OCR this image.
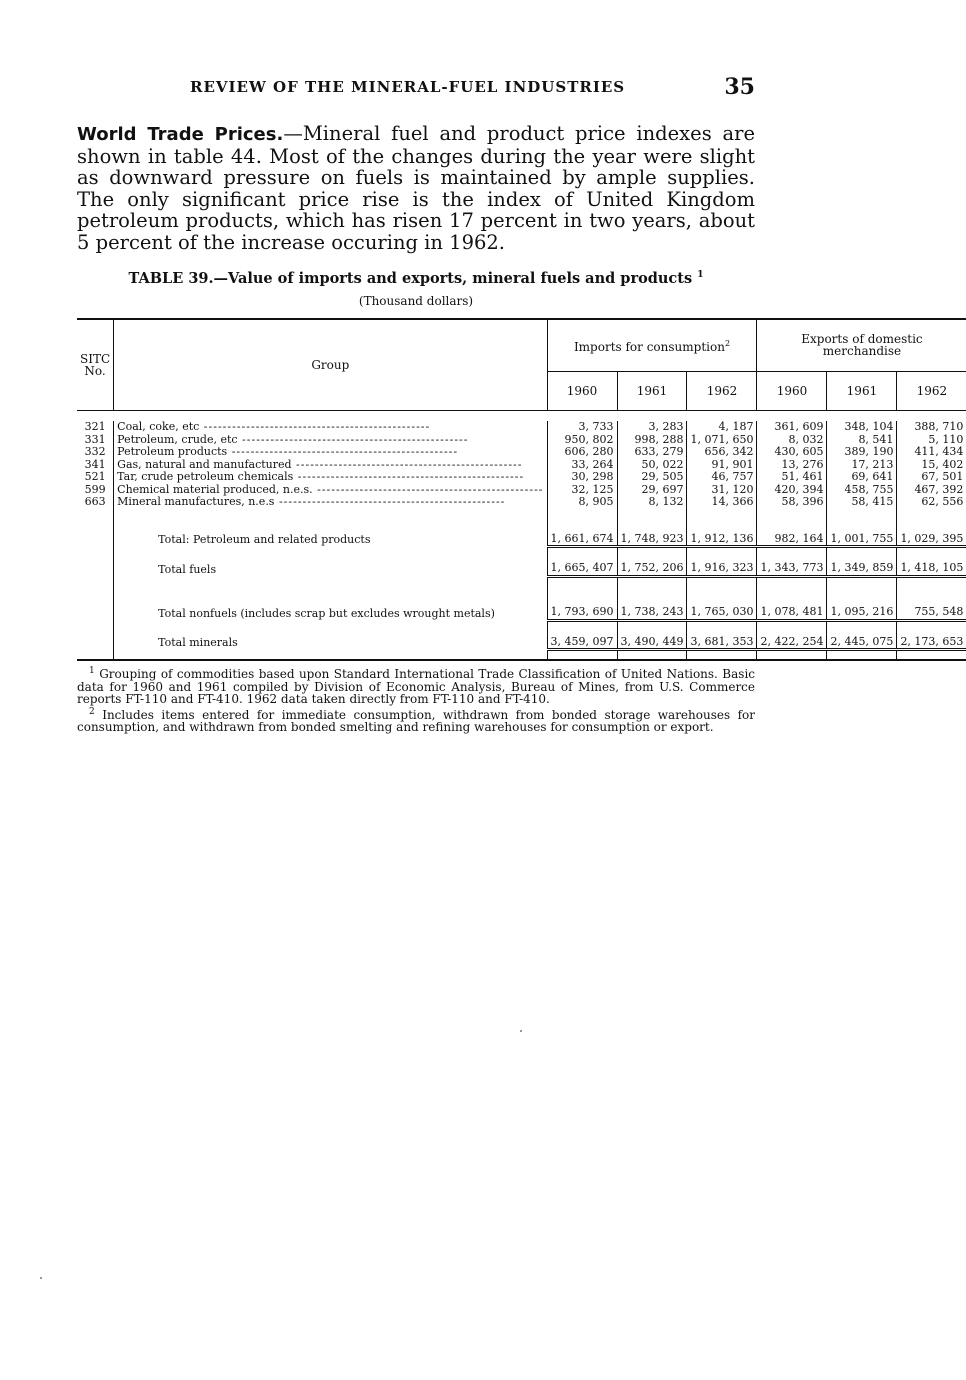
REVIEW OF THE MINERAL-FUEL INDUSTRIES	35
World Trade Prices.—Mineral fuel and product price indexes are shown in table 44. Most of the changes during the year were slight as downward pressure on fuels is maintained by ample supplies. The only significant price rise is the index of United Kingdom petroleum products, which has risen 17 percent in two years, about 5 percent of the increase occuring in 1962.
TABLE 39.—Value of imports and exports, mineral fuels and products $^1$
(Thousand dollars)
SITC No.	Group	Imports for consumption$^2$			Exports of domestic merchandise		
		1960	1961	1962	1960	1961	1962

321	Coal, coke, etc -----	3, 733	3, 283	4, 187	361, 609	348, 104	388, 710
331	Petroleum, crude, etc -----	950, 802	998, 288	1, 071, 650	8, 032	8, 541	5, 110
332	Petroleum products -----	606, 280	633, 279	656, 342	430, 605	389, 190	411, 434
341	Gas, natural and manufactured -----	33, 264	50, 022	91, 901	13, 276	17, 213	15, 402
521	Tar, crude petroleum chemicals -----	30, 298	29, 505	46, 757	51, 461	69, 641	67, 501
599	Chemical material produced, n.e.s. -----	32, 125	29, 697	31, 120	420, 394	458, 755	467, 392
663	Mineral manufactures, n.e.s -----	8, 905	8, 132	14, 366	58, 396	58, 415	62, 556

	Total: Petroleum and related products	1, 661, 674	1, 748, 923	1, 912, 136	982, 164	1, 001, 755	1, 029, 395

	Total fuels	1, 665, 407	1, 752, 206	1, 916, 323	1, 343, 773	1, 349, 859	1, 418, 105
	Total nonfuels (includes scrap but excludes wrought metals)	1, 793, 690	1, 738, 243	1, 765, 030	1, 078, 481	1, 095, 216	755, 548

	Total minerals	3, 459, 097	3, 490, 449	3, 681, 353	2, 422, 254	2, 445, 075	2, 173, 653

$^1$ Grouping of commodities based upon Standard International Trade Classification of United Nations. Basic data for 1960 and 1961 compiled by Division of Economic Analysis, Bureau of Mines, from U.S. Commerce reports FT-110 and FT-410. 1962 data taken directly from FT-110 and FT-410.

$^2$ Includes items entered for immediate consumption, withdrawn from bonded storage warehouses for consumption, and withdrawn from bonded smelting and refining warehouses for consumption or export.
